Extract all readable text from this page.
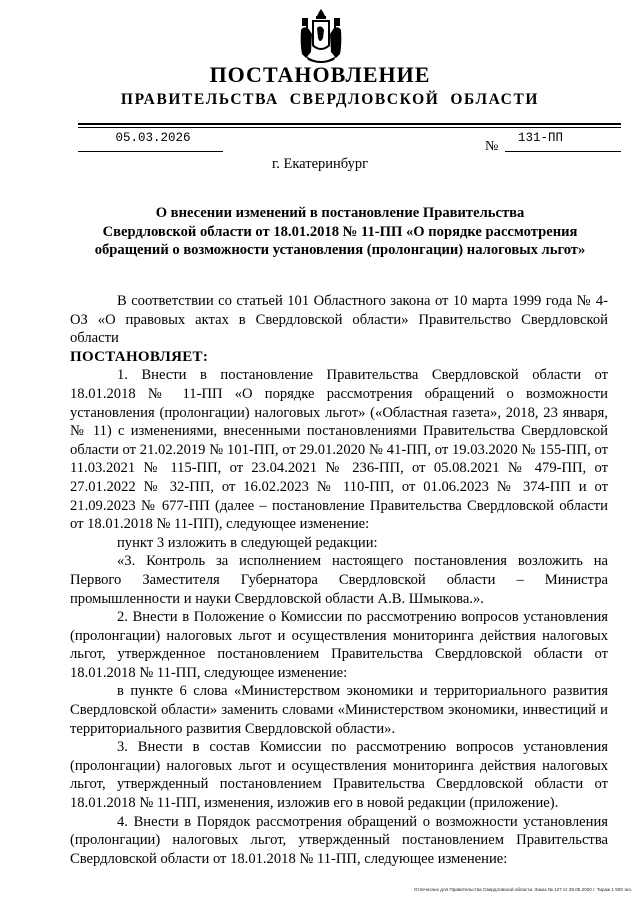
ПОСТАНОВЛЕНИЕ
ПРАВИТЕЛЬСТВА  СВЕРДЛОВСКОЙ  ОБЛАСТИ
05.03.2026
№
131-ПП
г. Екатеринбург
О внесении изменений в постановление Правительства
Свердловской области от 18.01.2018 № 11-ПП «О порядке рассмотрения
обращений о возможности установления (пролонгации) налоговых льгот»

В соответствии со статьей 101 Областного закона от 10 марта 1999 года № 4-ОЗ «О правовых актах в Свердловской области» Правительство Свердловской области

ПОСТАНОВЛЯЕТ:

1. Внести в постановление Правительства Свердловской области от 18.01.2018 № 11-ПП «О порядке рассмотрения обращений о возможности установления (пролонгации) налоговых льгот» («Областная газета», 2018, 23 января, № 11) с изменениями, внесенными постановлениями Правительства Свердловской области от 21.02.2019 № 101-ПП, от 29.01.2020 № 41-ПП, от 19.03.2020 № 155-ПП, от 11.03.2021 № 115-ПП, от 23.04.2021 № 236-ПП, от 05.08.2021 № 479-ПП, от 27.01.2022 № 32-ПП, от 16.02.2023 № 110-ПП, от 01.06.2023 № 374-ПП и от 21.09.2023 № 677-ПП (далее – постановление Правительства Свердловской области от 18.01.2018 № 11-ПП), следующее изменение:

пункт 3 изложить в следующей редакции:

«3. Контроль за исполнением настоящего постановления возложить на Первого Заместителя Губернатора Свердловской области – Министра промышленности и науки Свердловской области А.В. Шмыкова.».

2. Внести в Положение о Комиссии по рассмотрению вопросов установления (пролонгации) налоговых льгот и осуществления мониторинга действия налоговых льгот, утвержденное постановлением Правительства Свердловской области от 18.01.2018 № 11-ПП, следующее изменение:

в пункте 6 слова «Министерством экономики и территориального развития Свердловской области» заменить словами «Министерством экономики, инвестиций и территориального развития Свердловской области».

3. Внести в состав Комиссии по рассмотрению вопросов установления (пролонгации) налоговых льгот и осуществления мониторинга действия налоговых льгот, утвержденный постановлением Правительства Свердловской области от 18.01.2018 № 11-ПП, изменения, изложив его в новой редакции (приложение).

4. Внести в Порядок рассмотрения обращений о возможности установления (пролонгации) налоговых льгот, утвержденный постановлением Правительства Свердловской области от 18.01.2018 № 11-ПП, следующее изменение:

Отпечатано для Правительства Свердловской области. Заказ № 127 от 29.05.2020 г. Тираж 1 500 экз.
